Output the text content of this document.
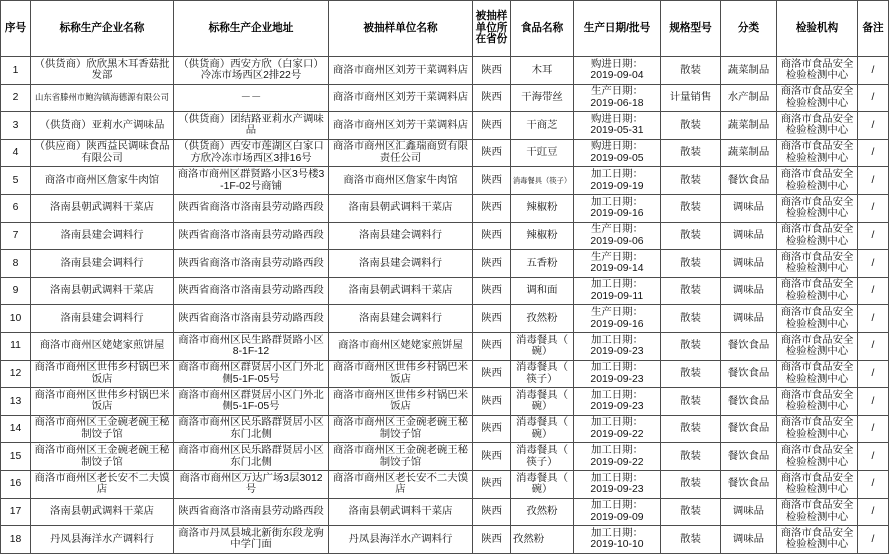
序号	标称生产企业名称	标称生产企业地址	被抽样单位名称	被抽样单位所在省份	食品名称	生产日期/批号	规格型号	分类	检验机构	备注
1	（供货商）欣欣黑木耳香菇批发部	（供货商）西安方欣（白家口）冷冻市场西区2排22号	商洛市商州区刘芳干菜调料店	陕西	木耳	购进日期：
2019-09-04	散装	蔬菜制品	商洛市食品安全检验检测中心	/
2	山东省滕州市鲍沟镇海德源有限公司	－－	商洛市商州区刘芳干菜调料店	陕西	干海带丝	生产日期：
2019-06-18	计量销售	水产制品	商洛市食品安全检验检测中心	/
3	（供货商）亚莉水产调味品	（供货商）团结路亚莉水产调味品	商洛市商州区刘芳干菜调料店	陕西	干商芝	购进日期：
2019-05-31	散装	蔬菜制品	商洛市食品安全检验检测中心	/
4	（供应商）陕西益民调味食品有限公司	（供货商）西安市莲湖区白家口方欣冷冻市场西区3排16号	商洛市商州区汇鑫瑞商贸有限责任公司	陕西	干豇豆	购进日期：
2019-09-05	散装	蔬菜制品	商洛市食品安全检验检测中心	/
5	商洛市商州区詹家牛肉馆	商洛市商州区群贤路小区3号楼3-1F-02号商铺	商洛市商州区詹家牛肉馆	陕西	消毒餐具（筷子）	加工日期：
2019-09-19	散装	餐饮食品	商洛市食品安全检验检测中心	/
6	洛南县朝武调料干菜店	陕西省商洛市洛南县劳动路西段	洛南县朝武调料干菜店	陕西	辣椒粉	加工日期：
2019-09-16	散装	调味品	商洛市食品安全检验检测中心	/
7	洛南县建会调料行	陕西省商洛市洛南县劳动路西段	洛南县建会调料行	陕西	辣椒粉	生产日期：
2019-09-06	散装	调味品	商洛市食品安全检验检测中心	/
8	洛南县建会调料行	陕西省商洛市洛南县劳动路西段	洛南县建会调料行	陕西	五香粉	生产日期：
2019-09-14	散装	调味品	商洛市食品安全检验检测中心	/
9	洛南县朝武调料干菜店	陕西省商洛市洛南县劳动路西段	洛南县朝武调料干菜店	陕西	调和面	加工日期：
2019-09-11	散装	调味品	商洛市食品安全检验检测中心	/
10	洛南县建会调料行	陕西省商洛市洛南县劳动路西段	洛南县建会调料行	陕西	孜然粉	生产日期：
2019-09-16	散装	调味品	商洛市食品安全检验检测中心	/
11	商洛市商州区姥姥家煎饼屋	商洛市商州区民生路群贤路小区8-1F-12	商洛市商州区姥姥家煎饼屋	陕西	消毒餐具（碗）	加工日期：
2019-09-23	散装	餐饮食品	商洛市食品安全检验检测中心	/
12	商洛市商州区世伟乡村锅巴米饭店	商洛市商州区群贤居小区门外北侧5-1F-05号	商洛市商州区世伟乡村锅巴米饭店	陕西	消毒餐具（筷子）	加工日期：
2019-09-23	散装	餐饮食品	商洛市食品安全检验检测中心	/
13	商洛市商州区世伟乡村锅巴米饭店	商洛市商州区群贤居小区门外北侧5-1F-05号	商洛市商州区世伟乡村锅巴米饭店	陕西	消毒餐具（碗）	加工日期：
2019-09-23	散装	餐饮食品	商洛市食品安全检验检测中心	/
14	商洛市商州区王金碗老碗王秘制饺子馆	商洛市商州区民乐路群贤居小区东门北侧	商洛市商州区王金碗老碗王秘制饺子馆	陕西	消毒餐具（碗）	加工日期：
2019-09-22	散装	餐饮食品	商洛市食品安全检验检测中心	/
15	商洛市商州区王金碗老碗王秘制饺子馆	商洛市商州区民乐路群贤居小区东门北侧	商洛市商州区王金碗老碗王秘制饺子馆	陕西	消毒餐具（筷子）	加工日期：
2019-09-22	散装	餐饮食品	商洛市食品安全检验检测中心	/
16	商洛市商州区老长安不二夫馍店	商洛市商州区万达广场3层3012号	商洛市商州区老长安不二夫馍店	陕西	消毒餐具（碗）	加工日期：
2019-09-23	散装	餐饮食品	商洛市食品安全检验检测中心	/
17	洛南县朝武调料干菜店	陕西省商洛市洛南县劳动路西段	洛南县朝武调料干菜店	陕西	孜然粉	加工日期：
2019-09-09	散装	调味品	商洛市食品安全检验检测中心	/
18	丹凤县海洋水产调料行	商洛市丹凤县城北新街东段龙驹中学门面	丹凤县海洋水产调料行	陕西	孜然粉	加工日期：
2019-10-10	散装	调味品	商洛市食品安全检验检测中心	/
